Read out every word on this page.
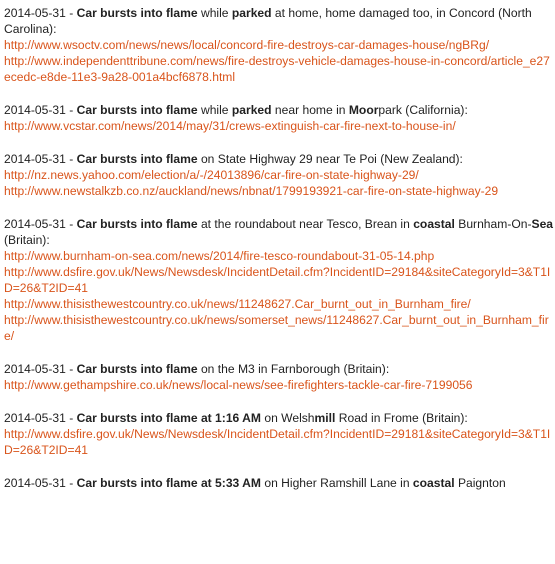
2014-05-31 - Car bursts into flame while parked at home, home damaged too, in Concord (North Carolina):

http://www.wsoctv.com/news/news/local/concord-fire-destroys-car-damages-house/ngBRg/
http://www.independenttribune.com/news/fire-destroys-vehicle-damages-house-in-concord/article_e27ecedc-e8de-11e3-9a28-001a4bcf6878.html

2014-05-31 - Car bursts into flame while parked near home in Moorpark (California):

http://www.vcstar.com/news/2014/may/31/crews-extinguish-car-fire-next-to-house-in/

2014-05-31 - Car bursts into flame on State Highway 29 near Te Poi (New Zealand):

http://nz.news.yahoo.com/election/a/-/24013896/car-fire-on-state-highway-29/
http://www.newstalkzb.co.nz/auckland/news/nbnat/1799193921-car-fire-on-state-highway-29

2014-05-31 - Car bursts into flame at the roundabout near Tesco, Brean in coastal Burnham-On-Sea (Britain):

http://www.burnham-on-sea.com/news/2014/fire-tesco-roundabout-31-05-14.php
http://www.dsfire.gov.uk/News/Newsdesk/IncidentDetail.cfm?IncidentID=29184&siteCategoryId=3&T1ID=26&T2ID=41
http://www.thisisthewestcountry.co.uk/news/11248627.Car_burnt_out_in_Burnham_fire/
http://www.thisisthewestcountry.co.uk/news/somerset_news/11248627.Car_burnt_out_in_Burnham_fire/

2014-05-31 - Car bursts into flame on the M3 in Farnborough (Britain):

http://www.gethampshire.co.uk/news/local-news/see-firefighters-tackle-car-fire-7199056

2014-05-31 - Car bursts into flame at 1:16 AM on Welshmill Road in Frome (Britain):

http://www.dsfire.gov.uk/News/Newsdesk/IncidentDetail.cfm?IncidentID=29181&siteCategoryId=3&T1ID=26&T2ID=41

2014-05-31 - Car bursts into flame at 5:33 AM on Higher Ramshill Lane in coastal Paignton
